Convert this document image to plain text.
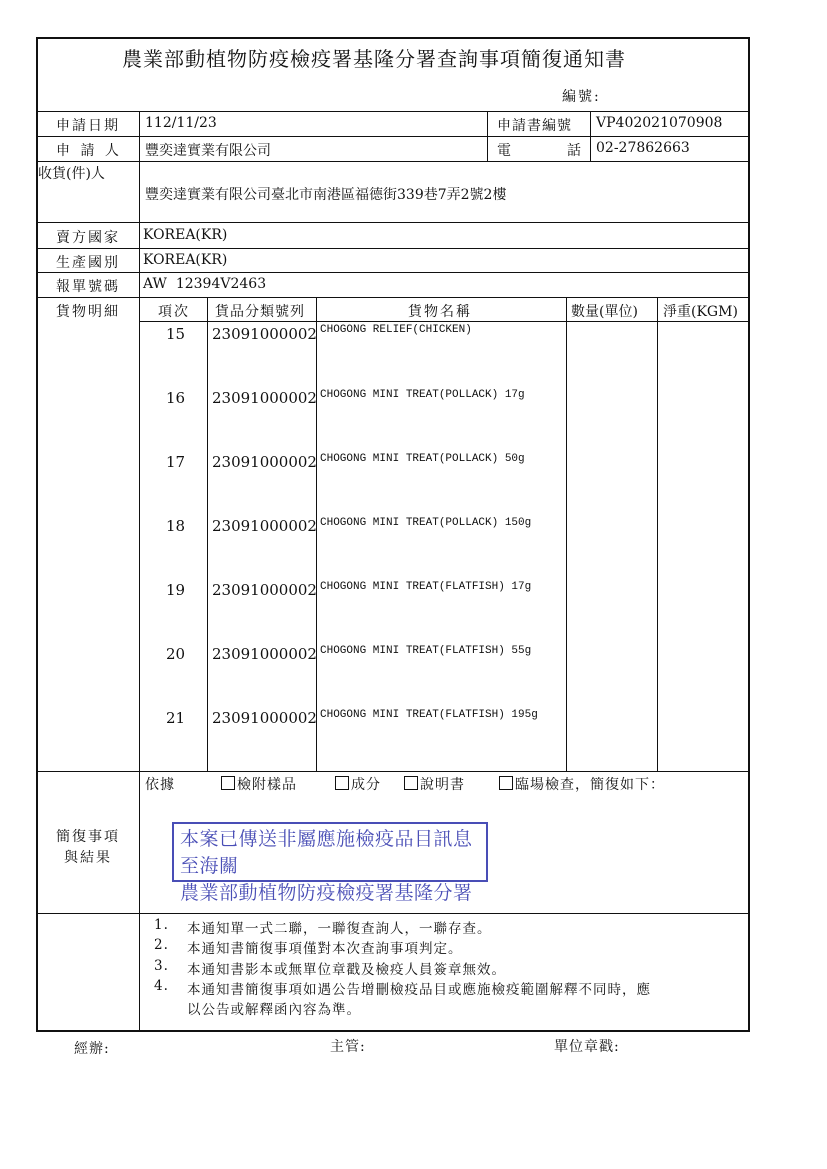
農業部動植物防疫檢疫署基隆分署查詢事項簡復通知書
編號:
申請日期 112/11/23	申請書編號 VP402021070908
申 請 人 豐奕達實業有限公司	電	話 02-27862663
收貨(件)人
豐奕達實業有限公司臺北市南港區福德街339巷7弄2號2樓
賣方國家 KOREA(KR)
生產國別 KOREA(KR)
報單號碼 AW  12394V2463
貨物明細	項次 貨品分類號列	貨物名稱	數量(單位) 淨重(KGM)
15 23091000002 CHOGONG RELIEF(CHICKEN)
16 23091000002 CHOGONG MINI TREAT(POLLACK) 17g
17 23091000002 CHOGONG MINI TREAT(POLLACK) 50g
18 23091000002 CHOGONG MINI TREAT(POLLACK) 150g
19 23091000002 CHOGONG MINI TREAT(FLATFISH) 17g
20 23091000002 CHOGONG MINI TREAT(FLATFISH) 55g
21 23091000002 CHOGONG MINI TREAT(FLATFISH) 195g
簡復事項
與結果
依據	檢附樣品	成分	說明書	臨場檢查，簡復如下：
本案已傳送非屬應施檢疫品目訊息至海關
農業部動植物防疫檢疫署基隆分署
1. 本通知單一式二聯，一聯復查詢人，一聯存查。
2. 本通知書簡復事項僅對本次查詢事項判定。
3. 本通知書影本或無單位章戳及檢疫人員簽章無效。
4. 本通知書簡復事項如遇公告增刪檢疫品目或應施檢疫範圍解釋不同時，應
以公告或解釋函內容為準。
經辦:	主管:	單位章戳:
